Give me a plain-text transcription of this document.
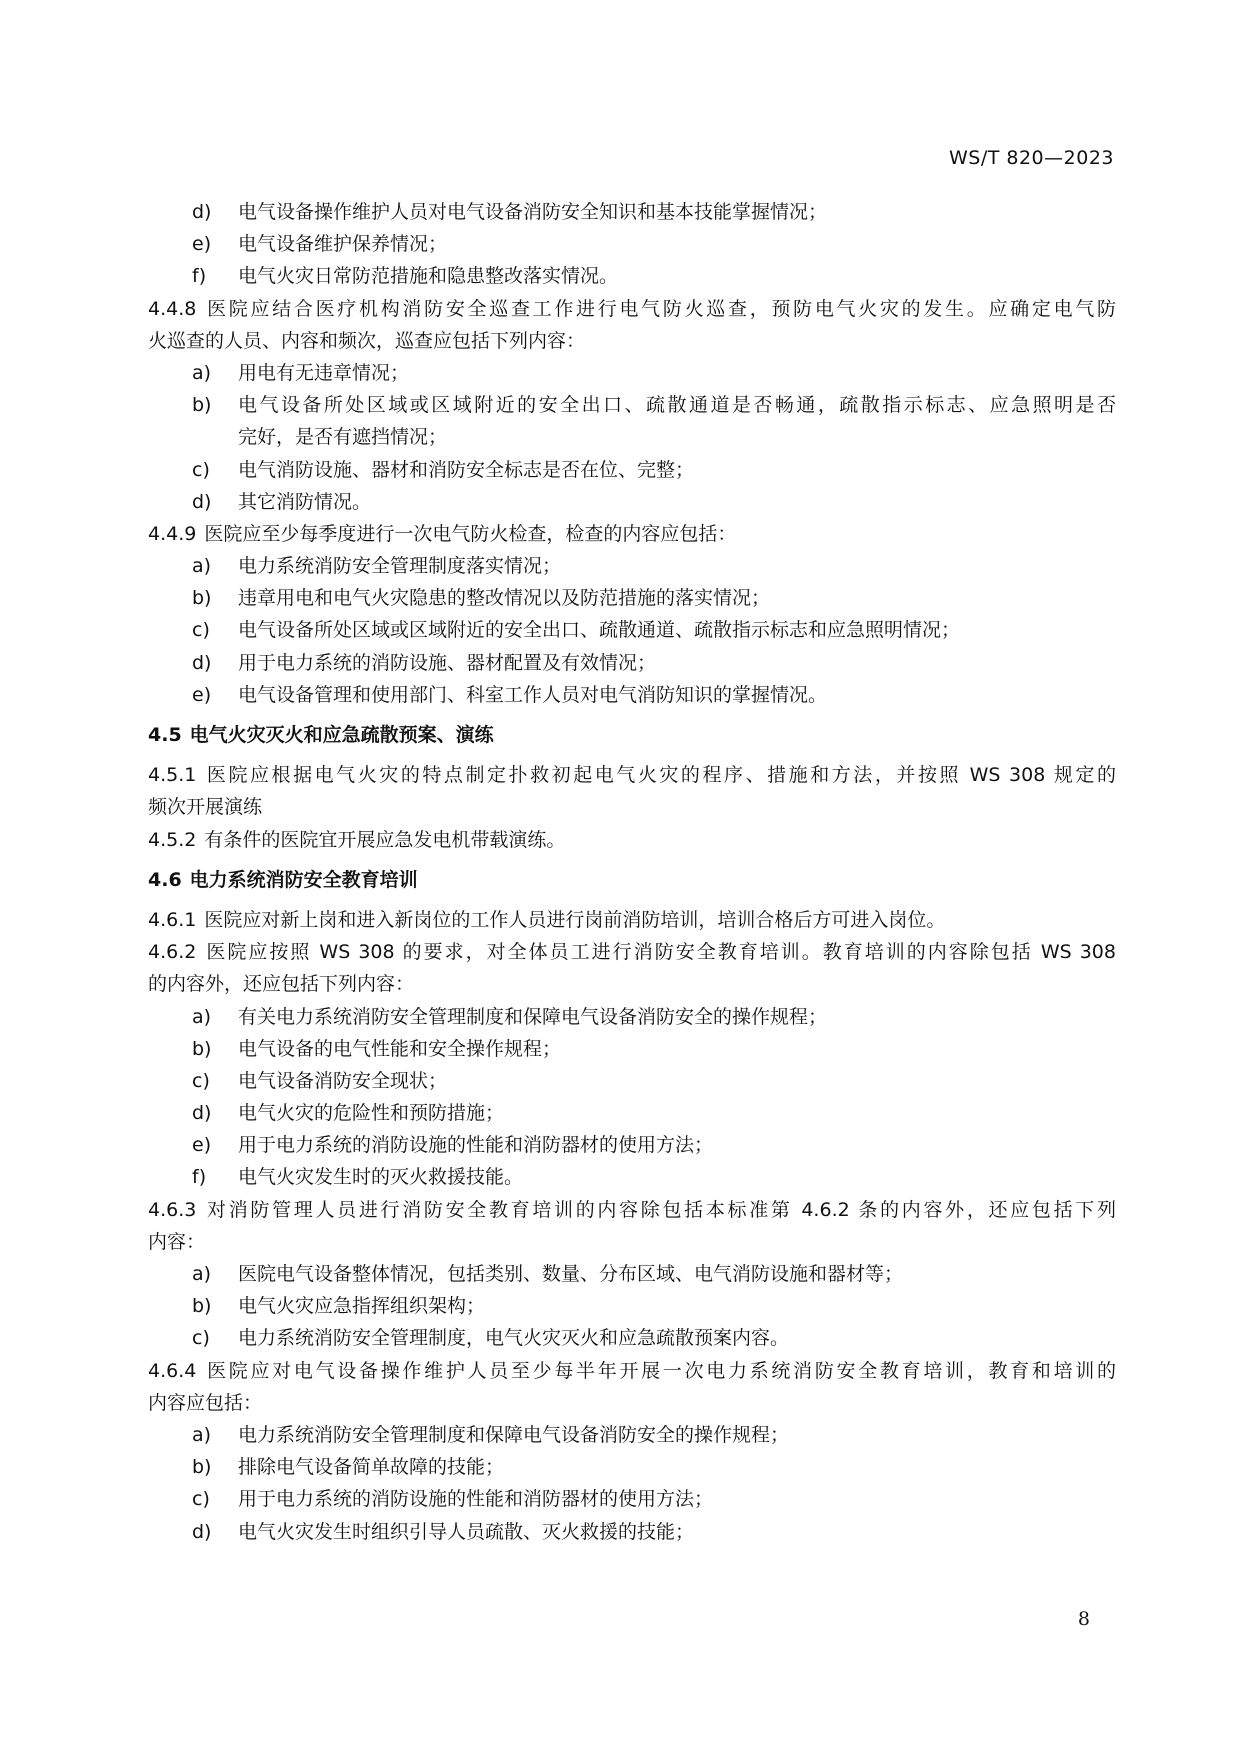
WS/T 820—2023
d) 电气设备操作维护人员对电气设备消防安全知识和基本技能掌握情况；
e) 电气设备维护保养情况；
f) 电气火灾日常防范措施和隐患整改落实情况。
4.4.8 医院应结合医疗机构消防安全巡查工作进行电气防火巡查，预防电气火灾的发生。应确定电气防
火巡查的人员、内容和频次，巡查应包括下列内容：
a) 用电有无违章情况；
b) 电气设备所处区域或区域附近的安全出口、疏散通道是否畅通，疏散指示标志、应急照明是否
完好，是否有遮挡情况；
c) 电气消防设施、器材和消防安全标志是否在位、完整；
d) 其它消防情况。
4.4.9 医院应至少每季度进行一次电气防火检查，检查的内容应包括：
a) 电力系统消防安全管理制度落实情况；
b) 违章用电和电气火灾隐患的整改情况以及防范措施的落实情况；
c) 电气设备所处区域或区域附近的安全出口、疏散通道、疏散指示标志和应急照明情况；
d) 用于电力系统的消防设施、器材配置及有效情况；
e) 电气设备管理和使用部门、科室工作人员对电气消防知识的掌握情况。
4.5 电气火灾灭火和应急疏散预案、演练
4.5.1 医院应根据电气火灾的特点制定扑救初起电气火灾的程序、措施和方法，并按照 WS 308 规定的
频次开展演练
4.5.2 有条件的医院宜开展应急发电机带载演练。
4.6 电力系统消防安全教育培训
4.6.1 医院应对新上岗和进入新岗位的工作人员进行岗前消防培训，培训合格后方可进入岗位。
4.6.2 医院应按照 WS 308 的要求，对全体员工进行消防安全教育培训。教育培训的内容除包括 WS 308
的内容外，还应包括下列内容：
a) 有关电力系统消防安全管理制度和保障电气设备消防安全的操作规程；
b) 电气设备的电气性能和安全操作规程；
c) 电气设备消防安全现状；
d) 电气火灾的危险性和预防措施；
e) 用于电力系统的消防设施的性能和消防器材的使用方法；
f) 电气火灾发生时的灭火救援技能。
4.6.3 对消防管理人员进行消防安全教育培训的内容除包括本标准第 4.6.2 条的内容外，还应包括下列
内容：
a) 医院电气设备整体情况，包括类别、数量、分布区域、电气消防设施和器材等；
b) 电气火灾应急指挥组织架构；
c) 电力系统消防安全管理制度，电气火灾灭火和应急疏散预案内容。
4.6.4 医院应对电气设备操作维护人员至少每半年开展一次电力系统消防安全教育培训，教育和培训的
内容应包括：
a) 电力系统消防安全管理制度和保障电气设备消防安全的操作规程；
b) 排除电气设备简单故障的技能；
c) 用于电力系统的消防设施的性能和消防器材的使用方法；
d) 电气火灾发生时组织引导人员疏散、灭火救援的技能；
8
